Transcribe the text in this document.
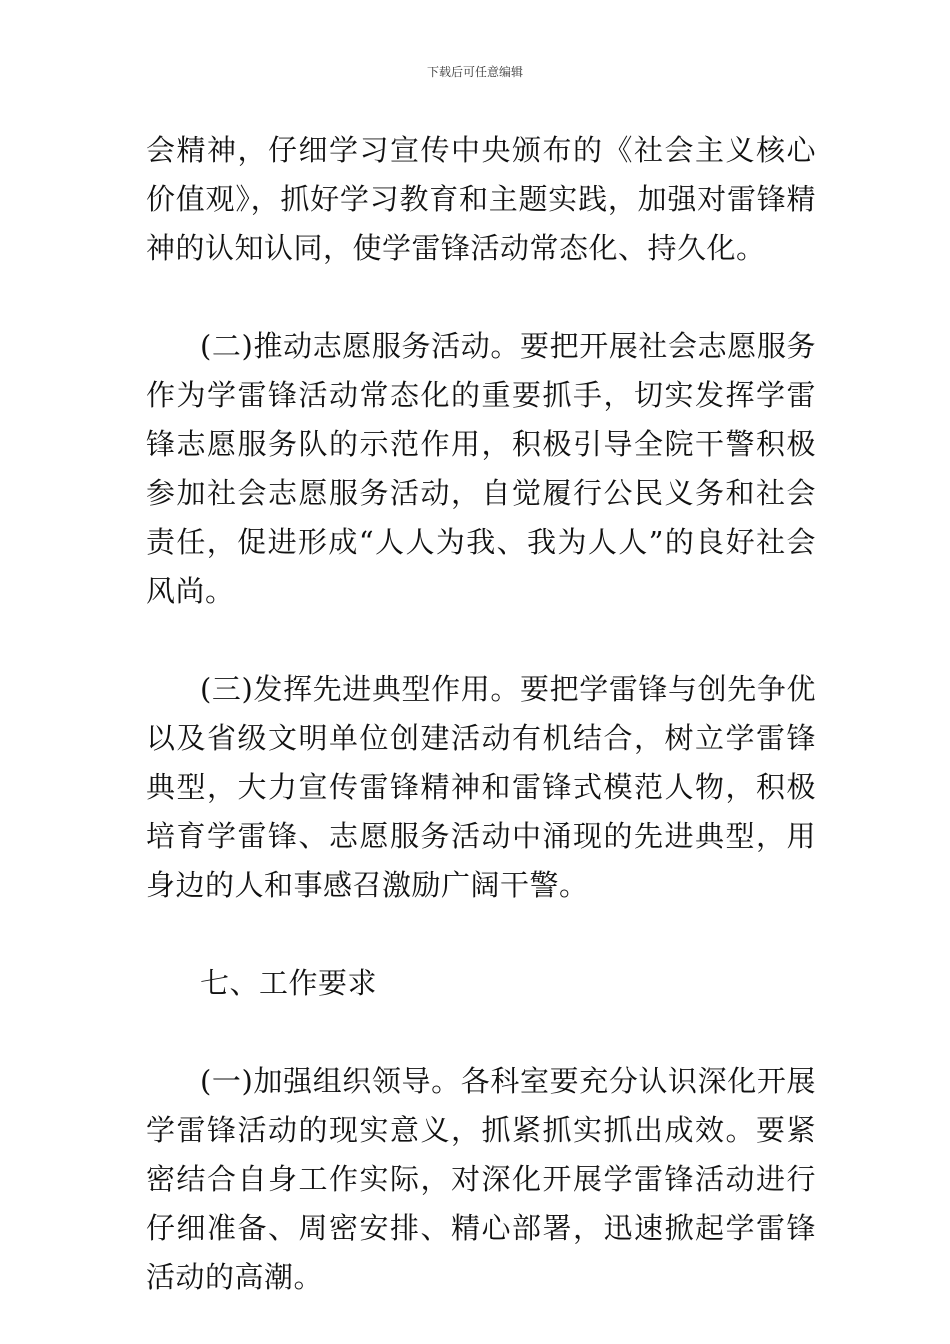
下载后可任意编辑

会精神，仔细学习宣传中央颁布的《社会主义核心价值观》，抓好学习教育和主题实践，加强对雷锋精神的认知认同，使学雷锋活动常态化、持久化。

(二)推动志愿服务活动。要把开展社会志愿服务作为学雷锋活动常态化的重要抓手，切实发挥学雷锋志愿服务队的示范作用，积极引导全院干警积极参加社会志愿服务活动，自觉履行公民义务和社会责任，促进形成“人人为我、我为人人”的良好社会风尚。

(三)发挥先进典型作用。要把学雷锋与创先争优以及省级文明单位创建活动有机结合，树立学雷锋典型，大力宣传雷锋精神和雷锋式模范人物，积极培育学雷锋、志愿服务活动中涌现的先进典型，用身边的人和事感召激励广阔干警。

七、工作要求

(一)加强组织领导。各科室要充分认识深化开展学雷锋活动的现实意义，抓紧抓实抓出成效。要紧密结合自身工作实际，对深化开展学雷锋活动进行仔细准备、周密安排、精心部署，迅速掀起学雷锋活动的高潮。
